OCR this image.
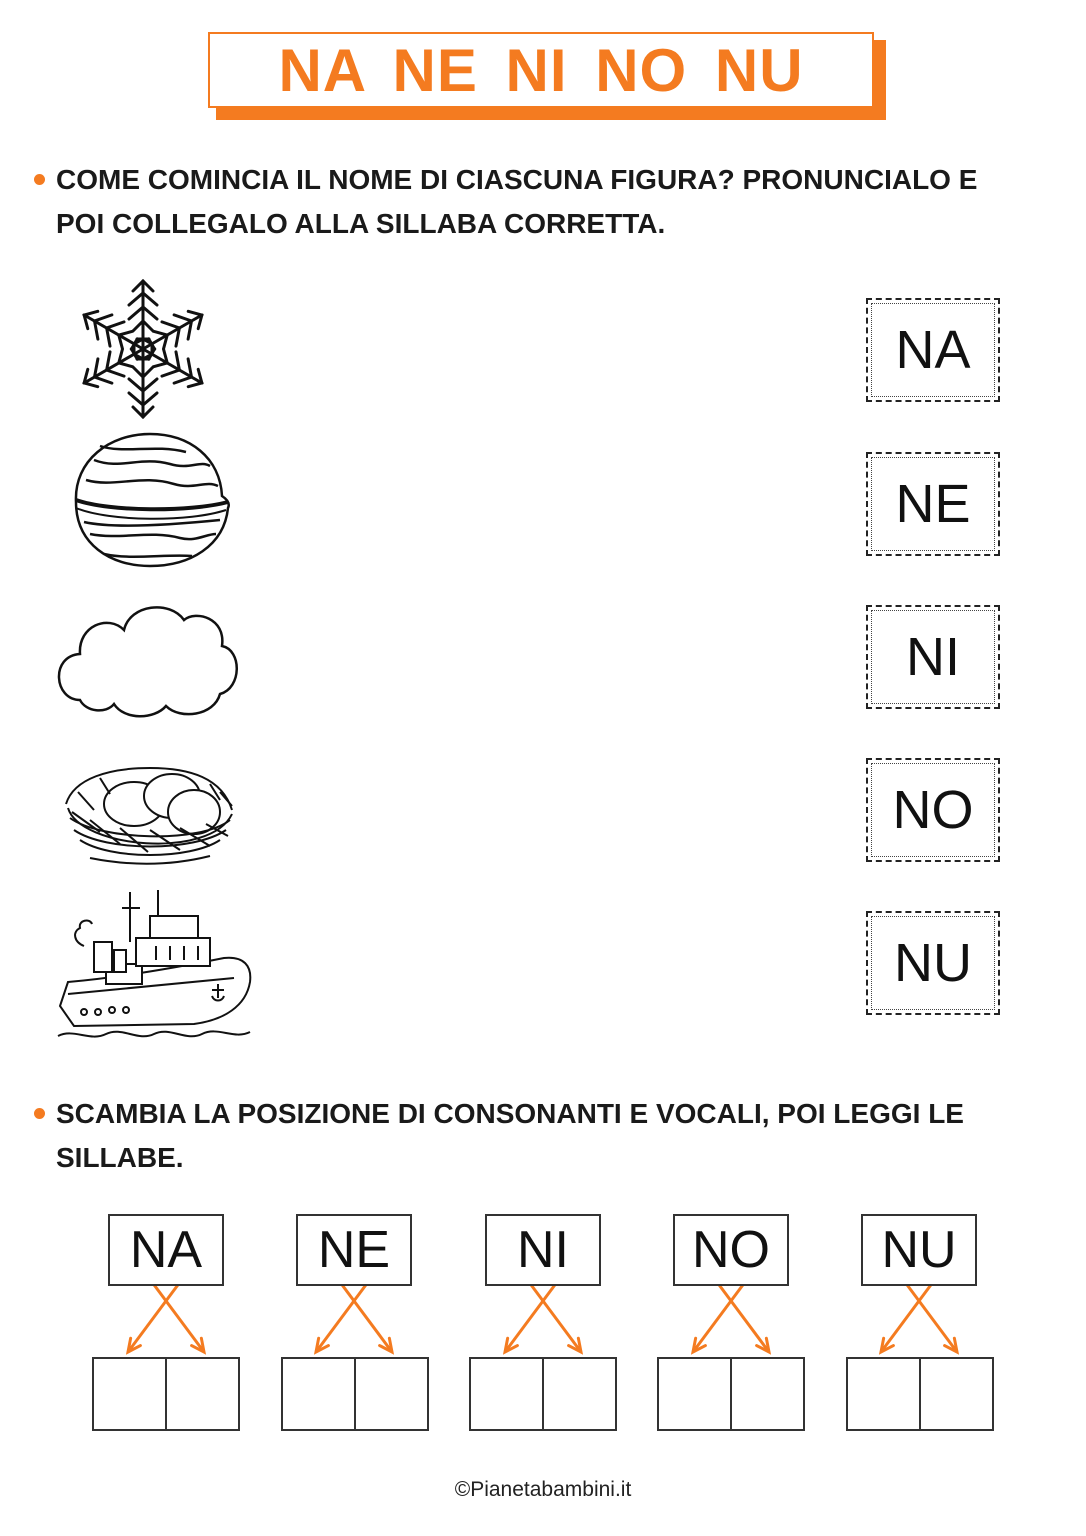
NA NE NI NO NU
COME COMINCIA IL NOME DI CIASCUNA FIGURA? PRONUNCIALO E
POI COLLEGALO ALLA SILLABA CORRETTA.
NA
NE
NI
NO
NU
SCAMBIA LA POSIZIONE DI CONSONANTI E VOCALI, POI LEGGI LE
SILLABE.
NA	NE	NI	NO	NU
©Pianetabambini.it
